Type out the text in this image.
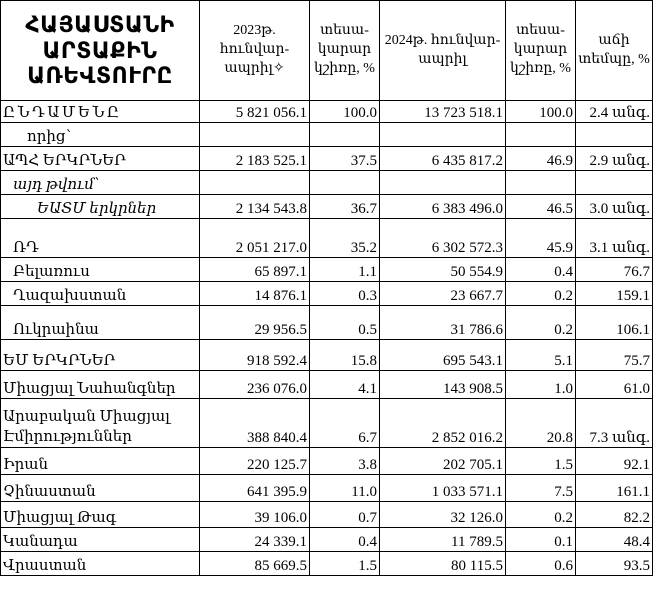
ՀԱՅԱՍՏԱՆԻ ԱՐՏԱՔԻՆ ԱՌԵՎՏՈՒՐԸ	2023թ. հունվար-ապրիլ✧	տեսա-կարար կշիռը, %	2024թ. հունվար-ապրիլ	տեսա-կարար կշիռը, %	աճի տեմպը, %
ԸՆԴԱՄԵՆԸ	5 821 056.1	100.0	13 723 518.1	100.0	2.4 անգ.
որից՝					
ԱՊՀ ԵՐԿՐՆԵՐ	2 183 525.1	37.5	6 435 817.2	46.9	2.9 անգ.
այդ թվում՝					
ԵԱՏՄ երկրներ	2 134 543.8	36.7	6 383 496.0	46.5	3.0 անգ.
ՌԴ	2 051 217.0	35.2	6 302 572.3	45.9	3.1 անգ.
Բելառուս	65 897.1	1.1	50 554.9	0.4	76.7
Ղազախստան	14 876.1	0.3	23 667.7	0.2	159.1
Ուկրաինա	29 956.5	0.5	31 786.6	0.2	106.1
ԵՄ ԵՐԿՐՆԵՐ	918 592.4	15.8	695 543.1	5.1	75.7
Միացյալ Նահանգներ	236 076.0	4.1	143 908.5	1.0	61.0
Արաբական Միացյալ Էմիրություններ	388 840.4	6.7	2 852 016.2	20.8	7.3 անգ.
Իրան	220 125.7	3.8	202 705.1	1.5	92.1
Չինաստան	641 395.9	11.0	1 033 571.1	7.5	161.1
Միացյալ Թագ	39 106.0	0.7	32 126.0	0.2	82.2
Կանադա	24 339.1	0.4	11 789.5	0.1	48.4
Վրաստան	85 669.5	1.5	80 115.5	0.6	93.5
